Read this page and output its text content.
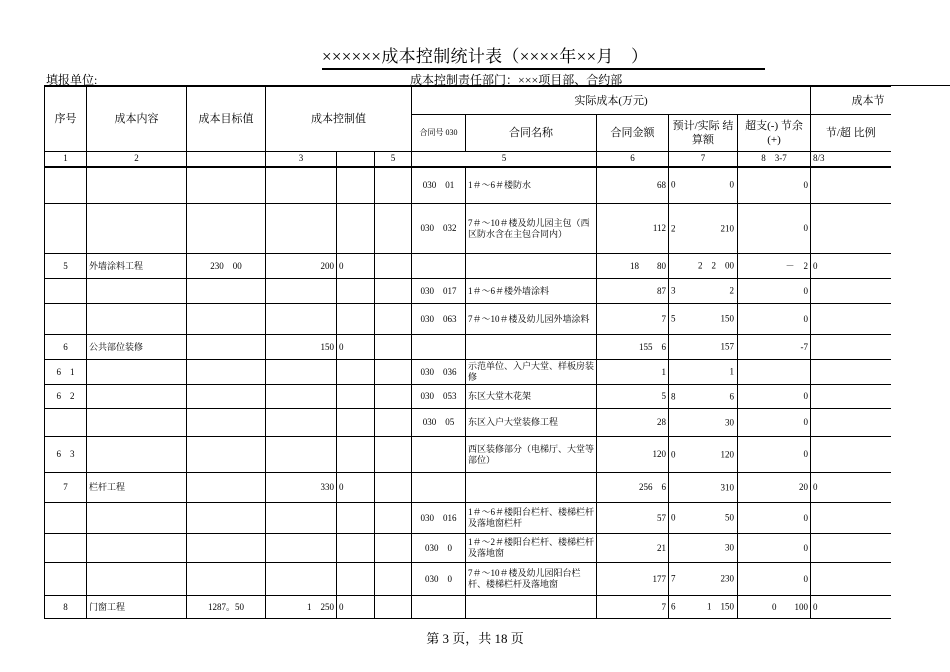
××××××成本控制统计表（××××年××月　）
填报单位:	成本控制责任部门：×××项目部、合约部
序号	成本内容	成本目标值	成本控制值			实际成本(万元)					成本节
						合同号 030	合同名称	合同金额	预计/实际 结算额	超支(-) 节余(+)	节/超 比例
1	2		3		5	5		6	7	8　3-7	8/3
						030　01	1＃～6＃楼防水	68	0 0	0	
						030　032	7＃～10＃楼及幼儿园主包（西区防水含在主包合同内）	112	2 210	0	
5	外墙涂料工程	230　00	200	0				18　　80	2　2　00	－　2	0
						030　017	1＃～6＃楼外墙涂料	87	3 2	0	
						030　063	7＃～10＃楼及幼儿园外墙涂料	7	5 150	0	
6	公共部位装修		150	0				155　6	157	-7	
6　1						030　036	示范单位、入户大堂、样板房装修	1	1		

6　2						030　053	东区大堂木花架	5	8 6	0	
						030　05	东区入户大堂装修工程	28	30	0	
6　3							西区装修部分（电梯厅、大堂等部位）	120	0 120	0	
7	栏杆工程		330	0				256　6	310	20	0
						030　016	1＃～6＃楼阳台栏杆、楼梯栏杆及落地窗栏杆	57	0 50	0	
						030　0	1＃～2＃楼阳台栏杆、楼梯栏杆及落地窗	21	30	0	
						030　0	7＃～10＃楼及幼儿园阳台栏杆、楼梯栏杆及落地窗	177	7 230	0	
8	门窗工程	1287。50	1　250	0				7	6 1　150	0　　100	0
第 3 页，共 18 页
